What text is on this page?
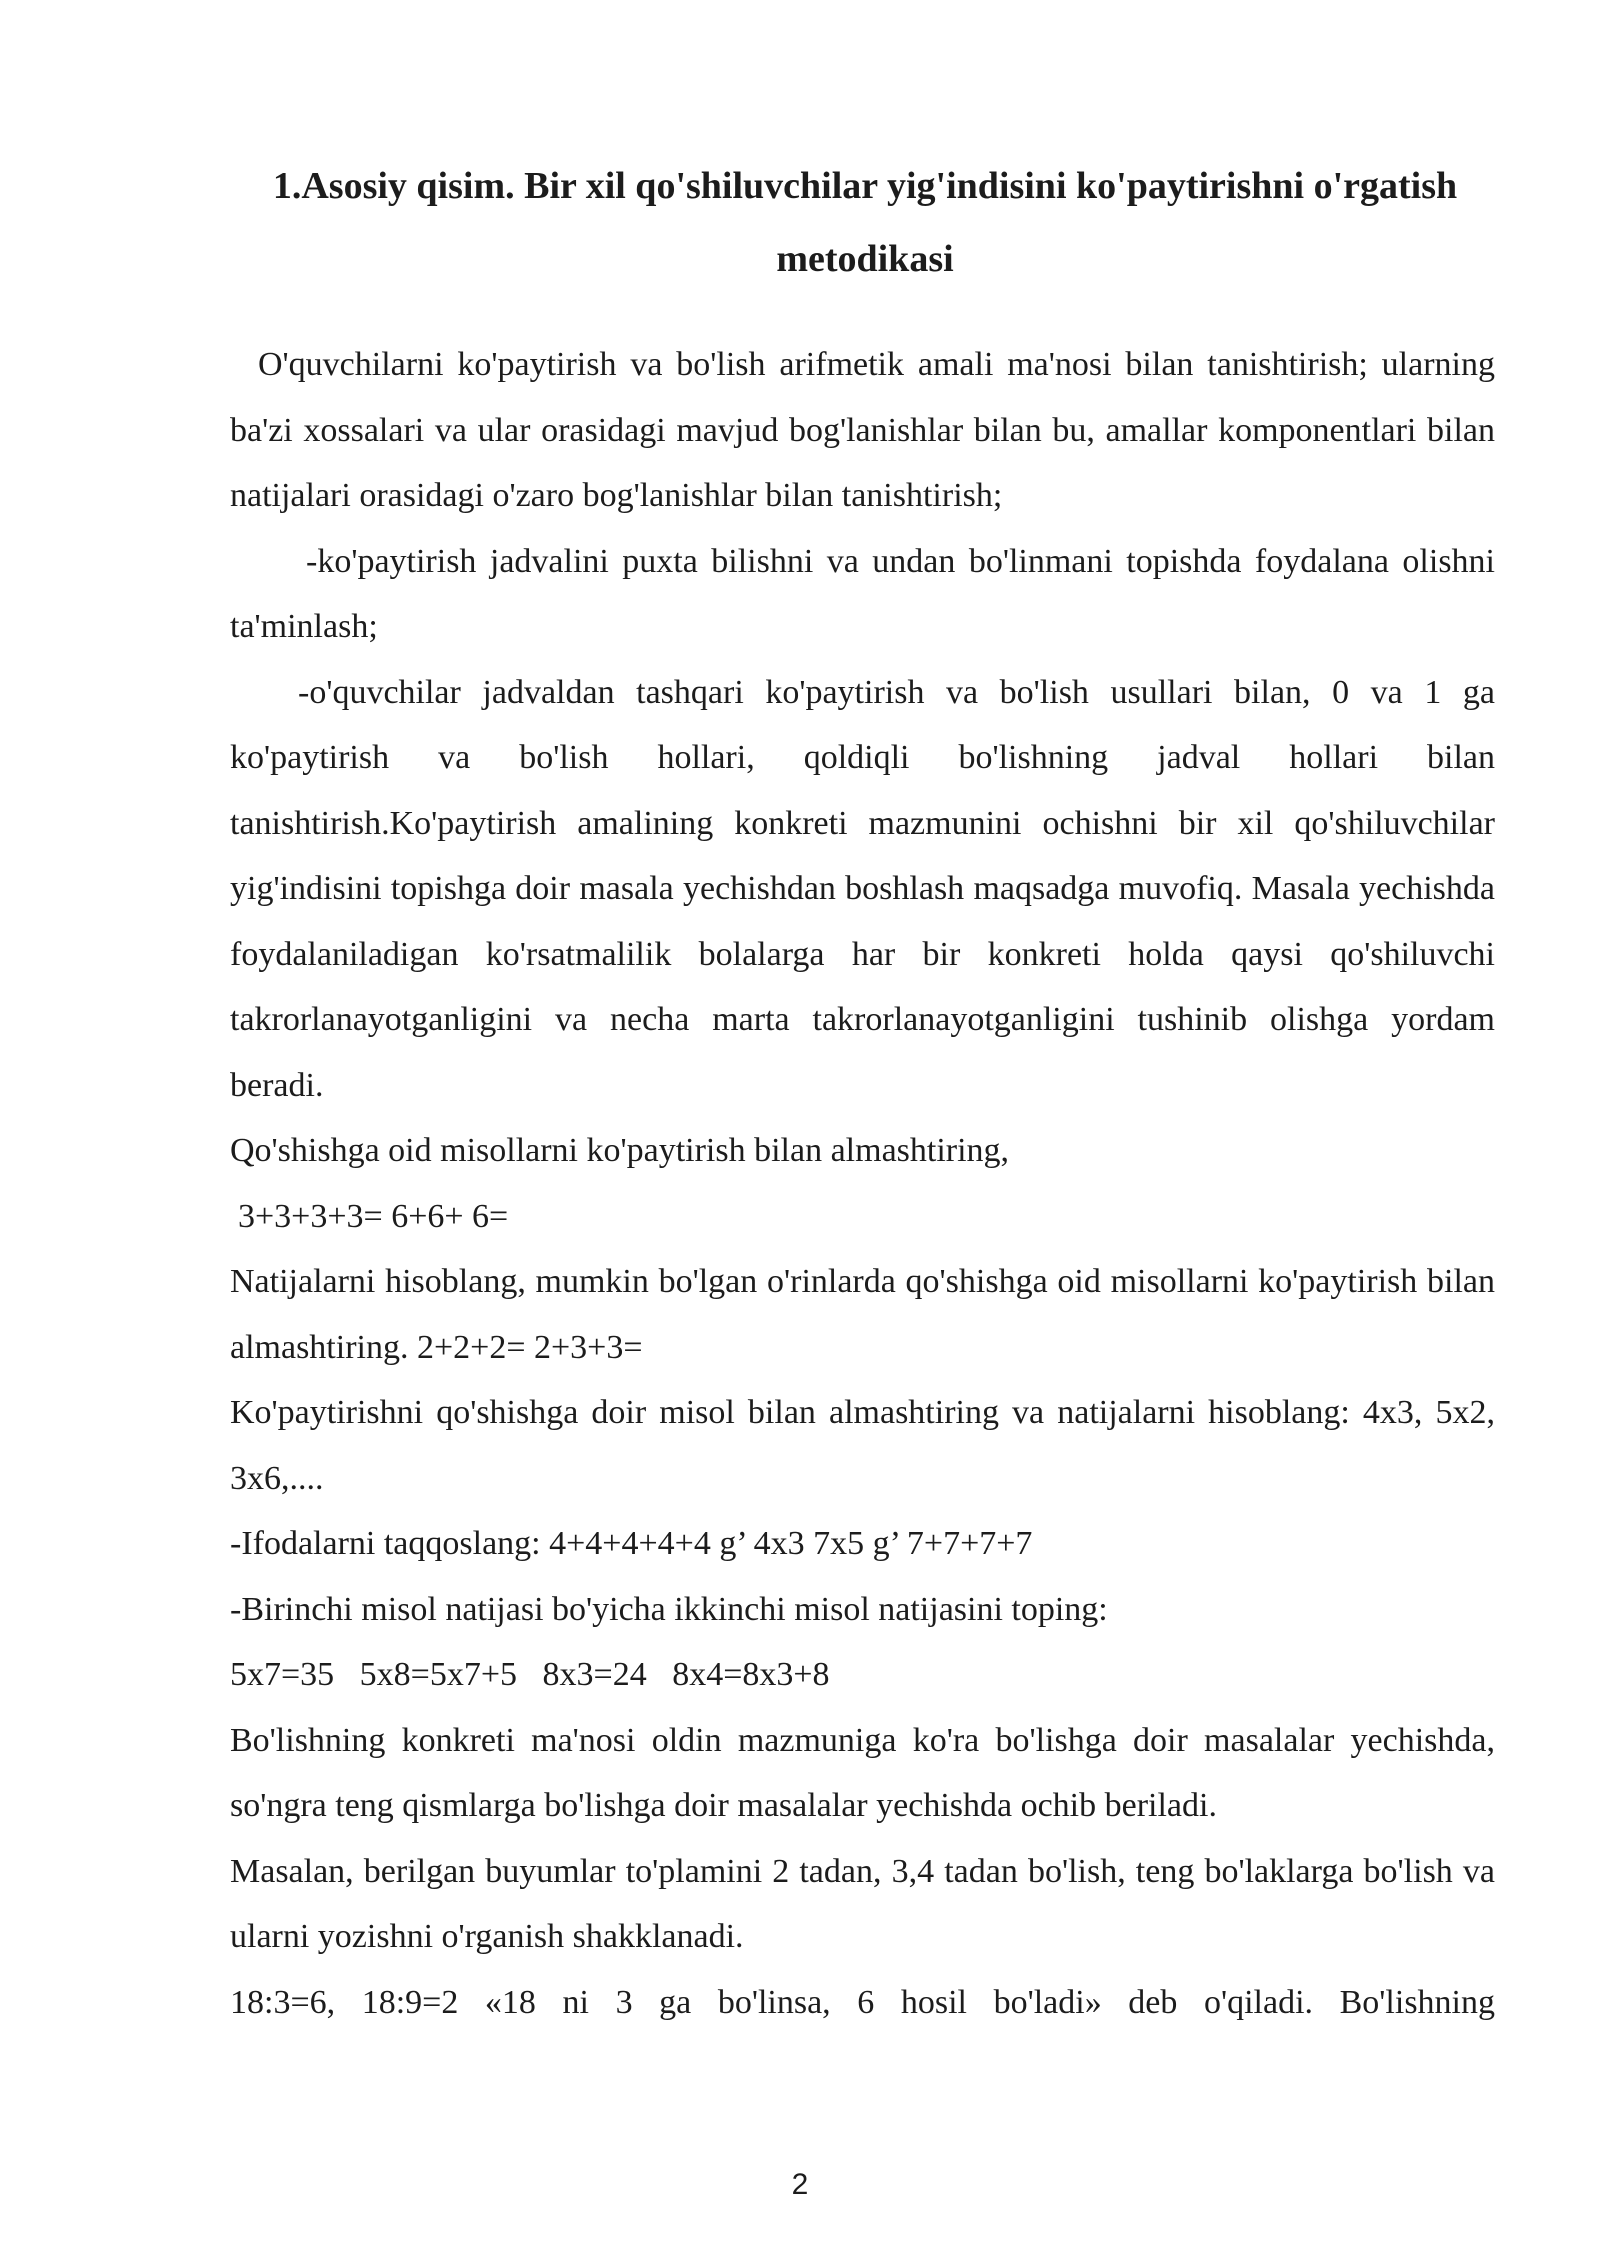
1.Asosiy qisim. Bir xil qo'shiluvchilar yig'indisini ko'paytirishni o'rgatish metodikasi

O'quvchilarni ko'paytirish va bo'lish arifmetik amali ma'nosi bilan tanishtirish; ularning ba'zi xossalari va ular orasidagi mavjud bog'lanishlar bilan bu, amallar komponentlari bilan natijalari orasidagi o'zaro bog'lanishlar bilan tanishtirish;

-ko'paytirish jadvalini puxta bilishni va undan bo'linmani topishda foydalana olishni ta'minlash;

-o'quvchilar jadvaldan tashqari ko'paytirish va bo'lish usullari bilan, 0 va 1 ga ko'paytirish va bo'lish hollari, qoldiqli bo'lishning jadval hollari bilan tanishtirish.Ko'paytirish amalining konkreti mazmunini ochishni bir xil qo'shiluvchilar yig'indisini topishga doir masala yechishdan boshlash maqsadga muvofiq. Masala yechishda foydalaniladigan ko'rsatmalilik bolalarga har bir konkreti holda qaysi qo'shiluvchi takrorlanayotganligini va necha marta takrorlanayotganligini tushinib olishga yordam beradi.

Qo'shishga oid misollarni ko'paytirish bilan almashtiring,

3+3+3+3= 6+6+ 6=

Natijalarni hisoblang, mumkin bo'lgan o'rinlarda qo'shishga oid misollarni ko'paytirish bilan almashtiring. 2+2+2= 2+3+3=

Ko'paytirishni qo'shishga doir misol bilan almashtiring va natijalarni hisoblang: 4x3, 5x2, 3x6,....

-Ifodalarni taqqoslang: 4+4+4+4+4 g’ 4x3 7x5 g’ 7+7+7+7

-Birinchi misol natijasi bo'yicha ikkinchi misol natijasini toping:

5x7=35   5x8=5x7+5   8x3=24   8x4=8x3+8

Bo'lishning konkreti ma'nosi oldin mazmuniga ko'ra bo'lishga doir masalalar yechishda, so'ngra teng qismlarga bo'lishga doir masalalar yechishda ochib beriladi.

Masalan, berilgan buyumlar to'plamini 2 tadan, 3,4 tadan bo'lish, teng bo'laklarga bo'lish va ularni yozishni o'rganish shakklanadi.

18:3=6, 18:9=2 «18 ni 3 ga bo'linsa, 6 hosil bo'ladi» deb o'qiladi. Bo'lishning

2
